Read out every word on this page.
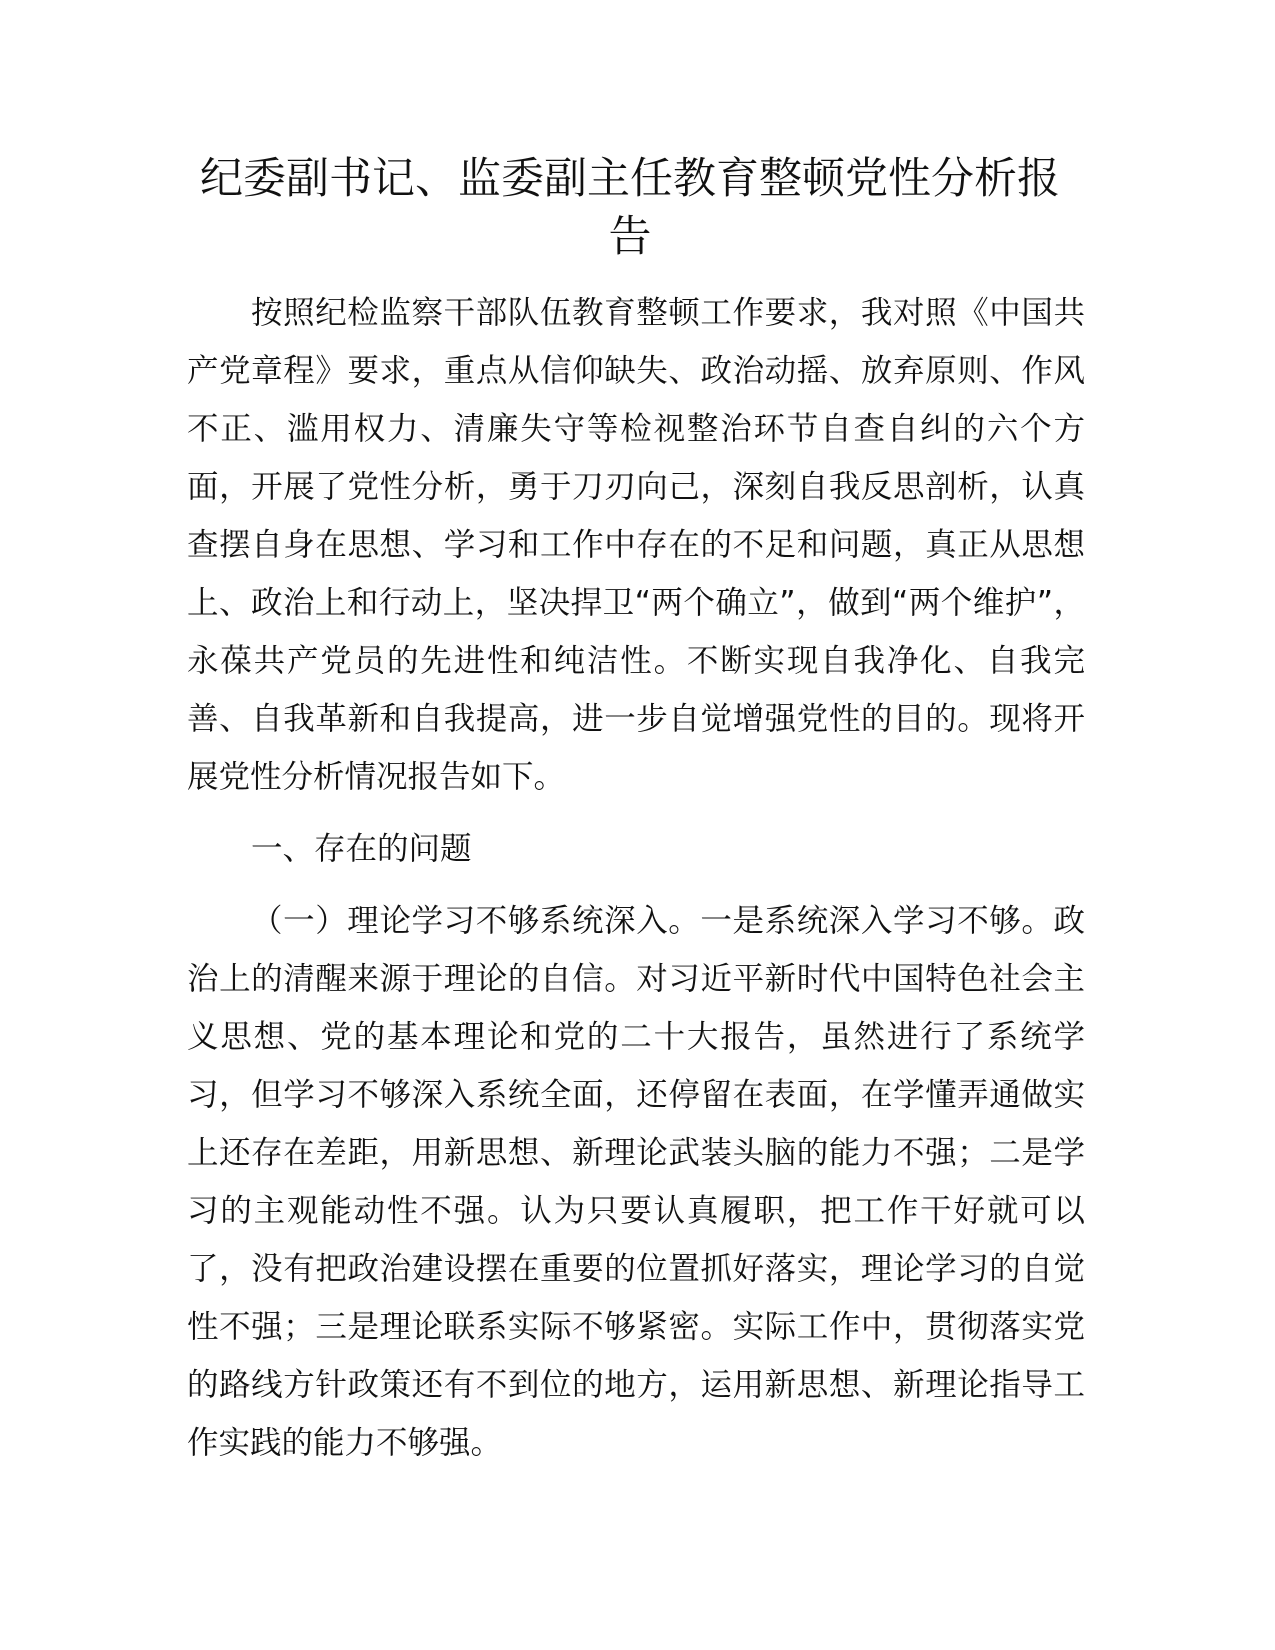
纪委副书记、监委副主任教育整顿党性分析报告

按照纪检监察干部队伍教育整顿工作要求，我对照《中国共产党章程》要求，重点从信仰缺失、政治动摇、放弃原则、作风不正、滥用权力、清廉失守等检视整治环节自查自纠的六个方面，开展了党性分析，勇于刀刃向己，深刻自我反思剖析，认真查摆自身在思想、学习和工作中存在的不足和问题，真正从思想上、政治上和行动上，坚决捍卫“两个确立”，做到“两个维护”，永葆共产党员的先进性和纯洁性。不断实现自我净化、自我完善、自我革新和自我提高，进一步自觉增强党性的目的。现将开展党性分析情况报告如下。

一、存在的问题

（一）理论学习不够系统深入。一是系统深入学习不够。政治上的清醒来源于理论的自信。对习近平新时代中国特色社会主义思想、党的基本理论和党的二十大报告，虽然进行了系统学习，但学习不够深入系统全面，还停留在表面，在学懂弄通做实上还存在差距，用新思想、新理论武装头脑的能力不强；二是学习的主观能动性不强。认为只要认真履职，把工作干好就可以了，没有把政治建设摆在重要的位置抓好落实，理论学习的自觉性不强；三是理论联系实际不够紧密。实际工作中，贯彻落实党的路线方针政策还有不到位的地方，运用新思想、新理论指导工作实践的能力不够强。
